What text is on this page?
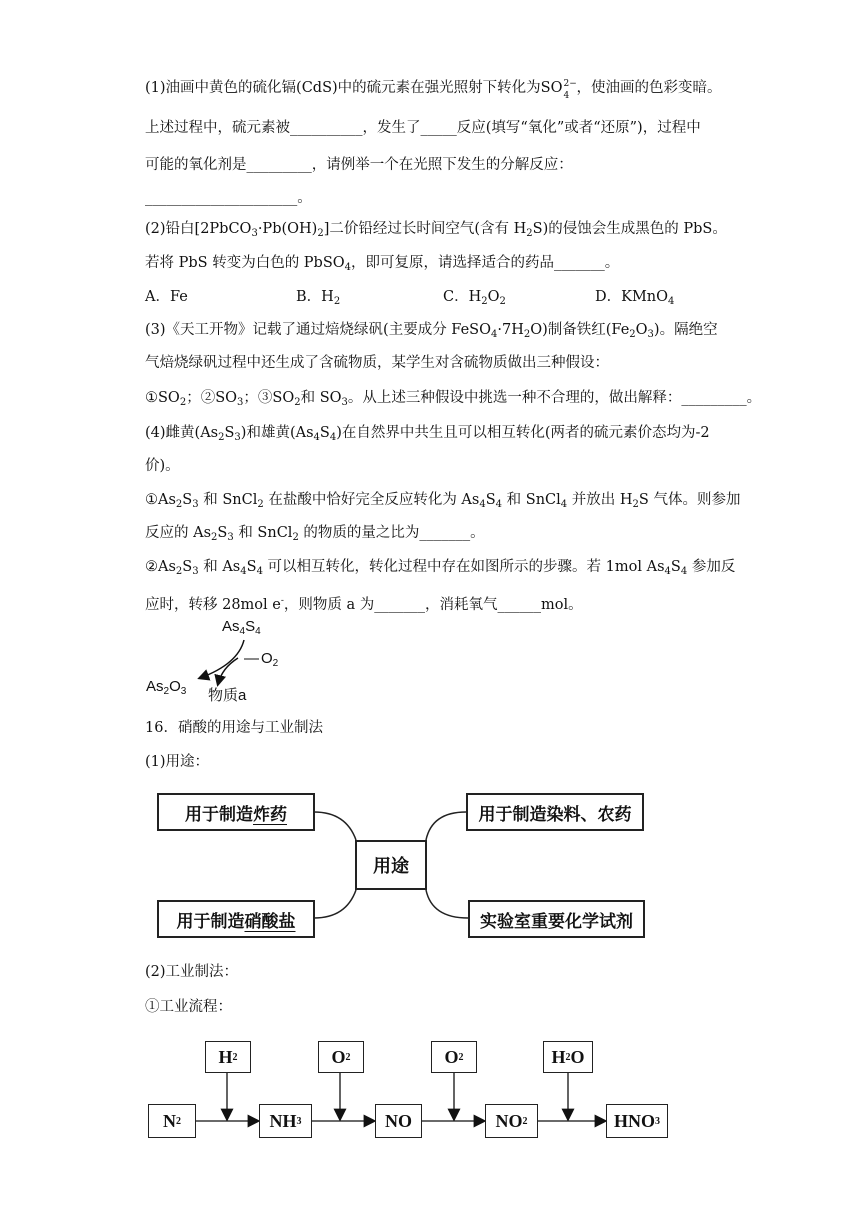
(1)油画中黄色的硫化镉(CdS)中的硫元素在强光照射下转化为SO 2−
4 ，使油画的色彩变暗。
上述过程中，硫元素被__________，发生了_____反应(填写“氧化”或者“还原”)，过程中
可能的氧化剂是_________，请例举一个在光照下发生的分解反应：
_____________________。
(2)铅白$[2PbCO_3\cdot Pb(OH)_2]$二价铅经过长时间空气(含有 $H_2S$)的侵蚀会生成黑色的 PbS。
若将 PbS 转变为白色的 PbSO$_4$，即可复原，请选择适合的药品_______。
A．Fe	B．$H_2$	C．$H_2O_2$	D．KMnO$_4$
(3)《天工开物》记载了通过焙烧绿矾(主要成分 $FeSO_4\cdot 7H_2O$)制备铁红$(Fe_2O_3)$。隔绝空
气焙烧绿矾过程中还生成了含硫物质，某学生对含硫物质做出三种假设：
$①SO_2$；$②SO_3$；$③SO_2$和 $SO_3$。从上述三种假设中挑选一种不合理的，做出解释：_________。
(4)雌黄$(As_2S_3)$和雄黄$(As_4S_4)$在自然界中共生且可以相互转化(两者的硫元素价态均为-2
价)。
$①As_2S_3$ 和 SnCl$_2$ 在盐酸中恰好完全反应转化为 $As_4S_4$ 和 SnCl$_4$ 并放出 $H_2S$ 气体。则参加
反应的 $As_2S_3$ 和 SnCl$_2$ 的物质的量之比为_______。
$②As_2S_3$ 和 $As_4S_4$ 可以相互转化，转化过程中存在如图所示的步骤。若 1mol $As_4S_4$ 参加反
应时，转移 28mol e-，则物质 a 为_______，消耗氧气______mol。
$As_4S_4$
— $O_2$
$As_2O_3$ 物质a
16．硝酸的用途与工业制法
(1)用途：
用于制造 炸药	用于制造染料、农药
用途
用于制造 硝酸盐	实验室重要化学试剂
(2)工业制法：
①工业流程：
H 2	O 2	O 2	H 2 O
N 2	NH 3	NO	NO 2	HNO 3
